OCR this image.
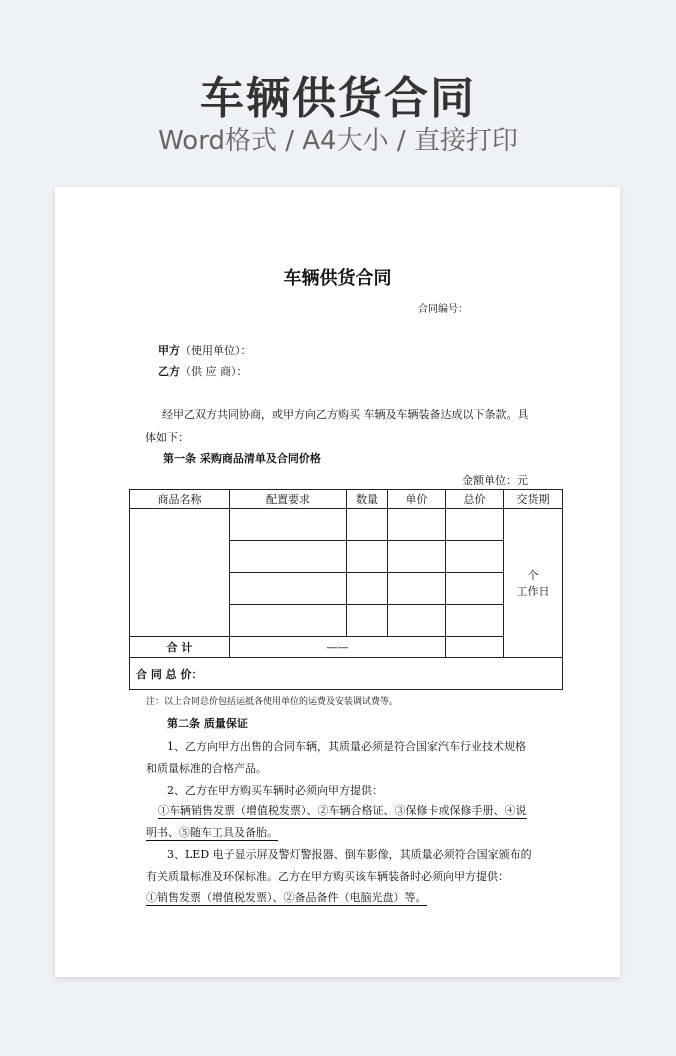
车辆供货合同
Word格式 / A4大小 / 直接打印
车辆供货合同
合同编号：
甲方（使用单位）：
乙方（供 应 商）：
经甲乙双方共同协商，或甲方向乙方购买 车辆及车辆装备达成以下条款。具
体如下：
第一条 采购商品清单及合同价格
金额单位：元
商品名称	配置要求	数量	单价	总价	交货期

					个
工作日

合 计	——				
合 同 总 价：					
注：以上合同总价包括运抵各使用单位的运费及安装调试费等。
第二条 质量保证
1、乙方向甲方出售的合同车辆，其质量必须是符合国家汽车行业技术规格
和质量标准的合格产品。
2、乙方在甲方购买车辆时必须向甲方提供：
①车辆销售发票（增值税发票）、②车辆合格证、③保修卡或保修手册、④说
明书、⑤随车工具及备胎。
3、LED 电子显示屏及警灯警报器、倒车影像，其质量必须符合国家颁布的
有关质量标准及环保标准。乙方在甲方购买该车辆装备时必须向甲方提供：
①销售发票（增值税发票）、②备品备件（电脑光盘）等。
